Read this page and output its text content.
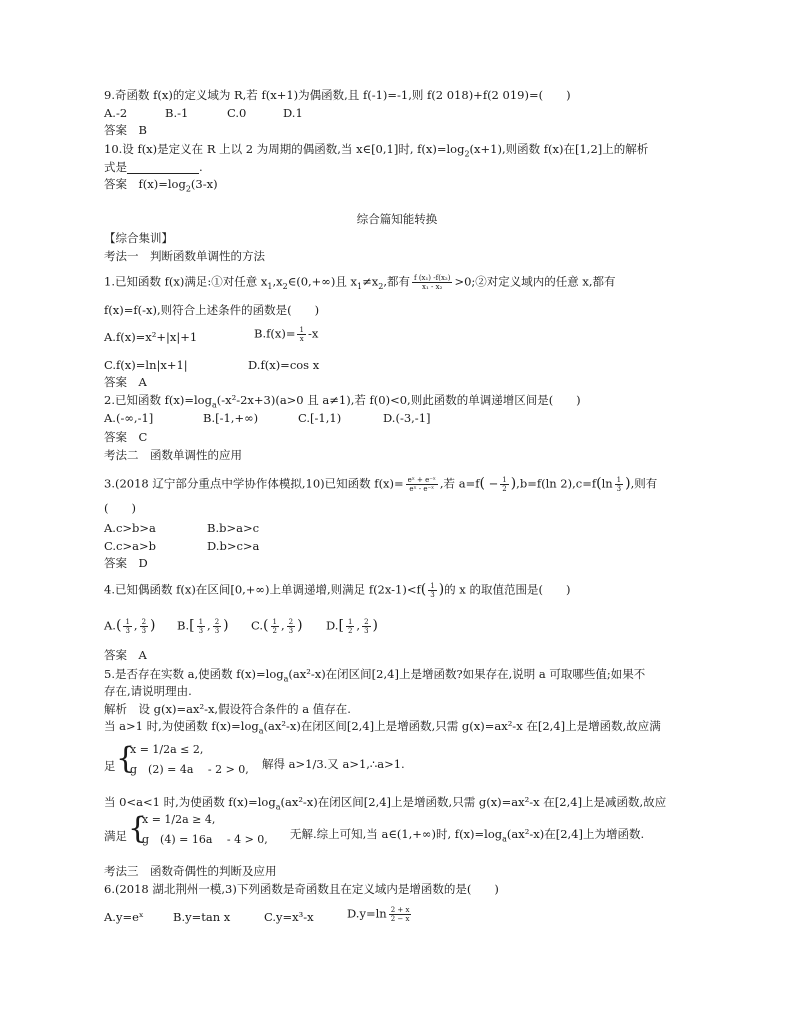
9.奇函数 f(x)的定义域为 R,若 f(x+1)为偶函数,且 f(-1)=-1,则 f(2 018)+f(2 019)=(　　)
A.-2	B.-1	C.0	D.1
答案　B
10.设 f(x)是定义在 R 上以 2 为周期的偶函数,当 x∈[0,1]时, $f(x)=\log_2(x+1)$,则函数 f(x)在[1,2]上的解析
式是	.
答案　$f(x)=\log_2(3-x)$
综合篇知能转换
【综合集训】
考法一　判断函数单调性的方法
1.已知函数 f(x)满足:①对任意 $x_1,x_2\in(0,+\infty)$且 $x_1\ne x_2$,都有 $\frac{\text{f (x₁) -f(x₂)}}{\text{x₁ - x₂}}$ >0;②对定义域内的任意 x,都有
f(x)=f(-x),则符合上述条件的函数是(　　)
A.f(x)=x²+|x|+1	$B.f(x)= \frac{1}{x} -x$
C.f(x)=ln|x+1|	D.f(x)=cos x
答案　A
2.已知函数 $f(x)=\log_a(-x^2-2x+3)(a>0$ 且 a≠1),若 f(0)<0,则此函数的单调递增区间是(　　)
A.(-∞,-1]	B.[-1,+∞)	C.[-1,1)	D.(-3,-1]
答案　C
考法二　函数单调性的应用
3.(2018 辽宁部分重点中学协作体模拟,10)已知函数 $f(x)= \frac{\text{eˣ + e⁻ˣ}}{\text{eˣ - e⁻ˣ}}$ ,若 $a=f( - \frac{1}{2} ),b=f(\ln$ $2),c=f(\ln \frac{1}{3}$ ),则有
(　　)
A.c>b>a	B.b>a>c
C.c>a>b	D.b>c>a
答案　D
4.已知偶函数 f(x)在区间[0,+∞)上单调递增,则满足 $f(2x-1)<f( \frac{1}{3}$ )的 x 的取值范围是(　　)
$A.( \frac{1}{3}$ , $\frac{2}{3}$ ) $B.[ \frac{1}{3}$ , $\frac{2}{3}$ ) $C.( \frac{1}{2}$ , $\frac{2}{3}$ ) $D.[ \frac{1}{2}$ , $\frac{2}{3}$ )
答案　A
5.是否存在实数 a,使函数 $f(x)=\log_a(ax^2-x)$在闭区间[2,4]上是增函数?如果存在,说明 a 可取哪些值;如果不
存在,请说明理由.
解析　设 g(x)=ax²-x,假设符合条件的 a 值存在.
当 a>1 时,为使函数 $f(x)=\log_a(ax^2-x)$在闭区间[2,4]上是增函数,只需 g(x)=ax²-x 在[2,4]上是增函数,故应满
足 {
x = 1/2a ≤ 2,
g　(2) = 4a　 - 2 > 0, 解得 a>1/3.又 a>1,∴a>1.
当 0<a<1 时,为使函数 $f(x)=\log_a(ax^2-x)$在闭区间[2,4]上是增函数,只需 g(x)=ax²-x 在[2,4]上是减函数,故应
满足 {
x = 1/2a ≥ 4,
g　(4) = 16a　 - 4 > 0, 无解.综上可知,当 a∈(1,+∞)时, $f(x)=\log_a(ax^2-x)$在[2,4]上为增函数.
考法三　函数奇偶性的判断及应用
6.(2018 湖北荆州一模,3)下列函数是奇函数且在定义域内是增函数的是(　　)
A.y=eˣ	B.y=tan x	C.y=x³-x	$D.y=\ln \frac{2 + x}{2 - x}$
